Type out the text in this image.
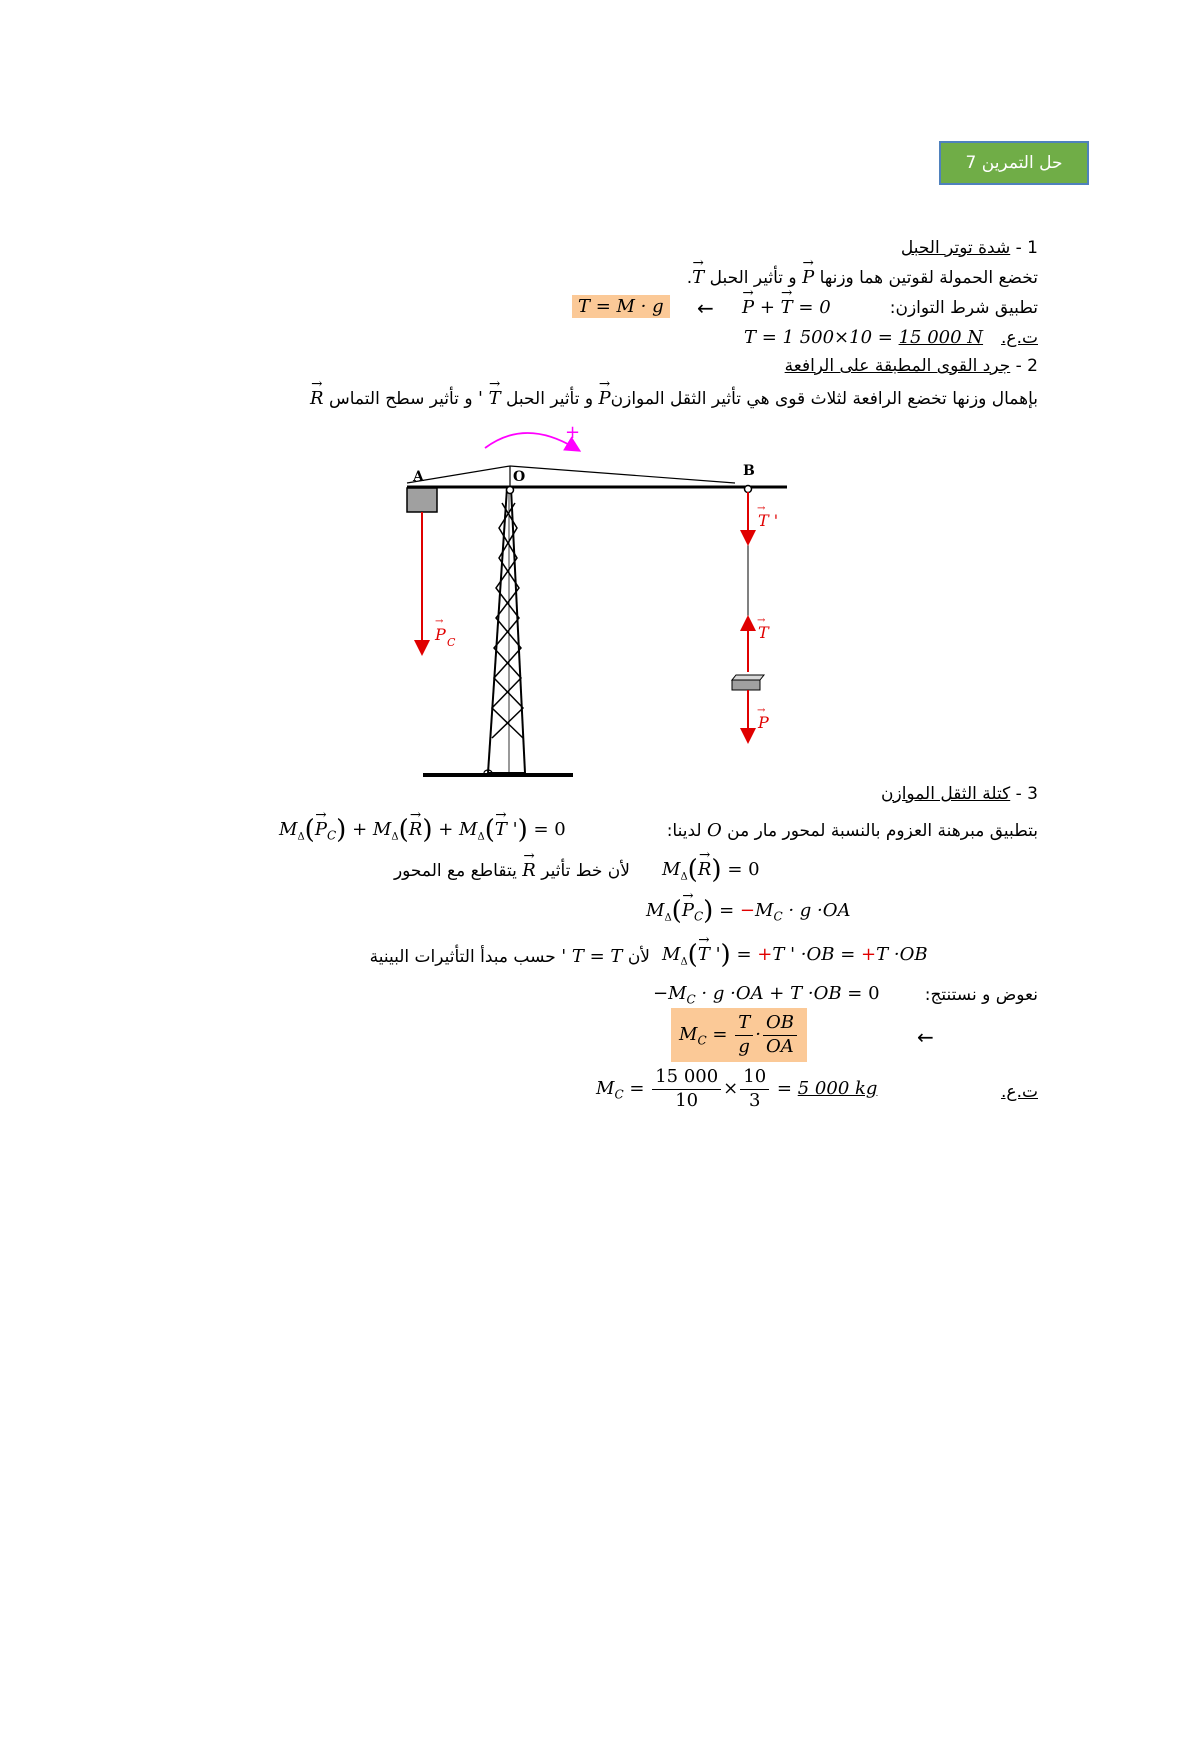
حل التمرين 7
1 - شدة توتر الحبل
تخضع الحمولة لقوتين هما وزنها → P و تأثير الحبل → T.
تطبيق شرط التوازن:
→ P + → T = 0
←
T = M · g
ت.ع.
T = 1 500×10 = 15 000 N
2 - جرد القوى المطبقة على الرافعة
بإهمال وزنها تخضع الرافعة لثلاث قوى هي تأثير الثقل الموازن→ P و تأثير الحبل → T ' و تأثير سطح التماس → R
A	O	B
+
P C
→
T '
→
T
→
P
→
3 - كتلة الثقل الموازن
بتطبيق مبرهنة العزوم بالنسبة لمحور مار من O لدينا:
$M_\Delta(\to P_C) + M_\Delta(\to R) + M_\Delta(\to T$ ') = 0
$M_\Delta(\to R) = 0$
لأن خط تأثير → R يتقاطع مع المحور
$M_\Delta(\to P_C) = -M_C \cdot g \cdot OA$
$M_\Delta(\to T$ ') = +T ' ·OB = +T ·OB
لأن T = T ' حسب مبدأ التأثيرات البينية
نعوض و نستنتج:
$-M_C \cdot g \cdot OA + T \cdot OB = 0$
←
$M_C = \frac{T}{g} \cdot \frac{OB}{OA}$
ت.ع.
$M_C = \frac{15 000}{10} \times \frac{10}{3} = 5$ 000 kg
